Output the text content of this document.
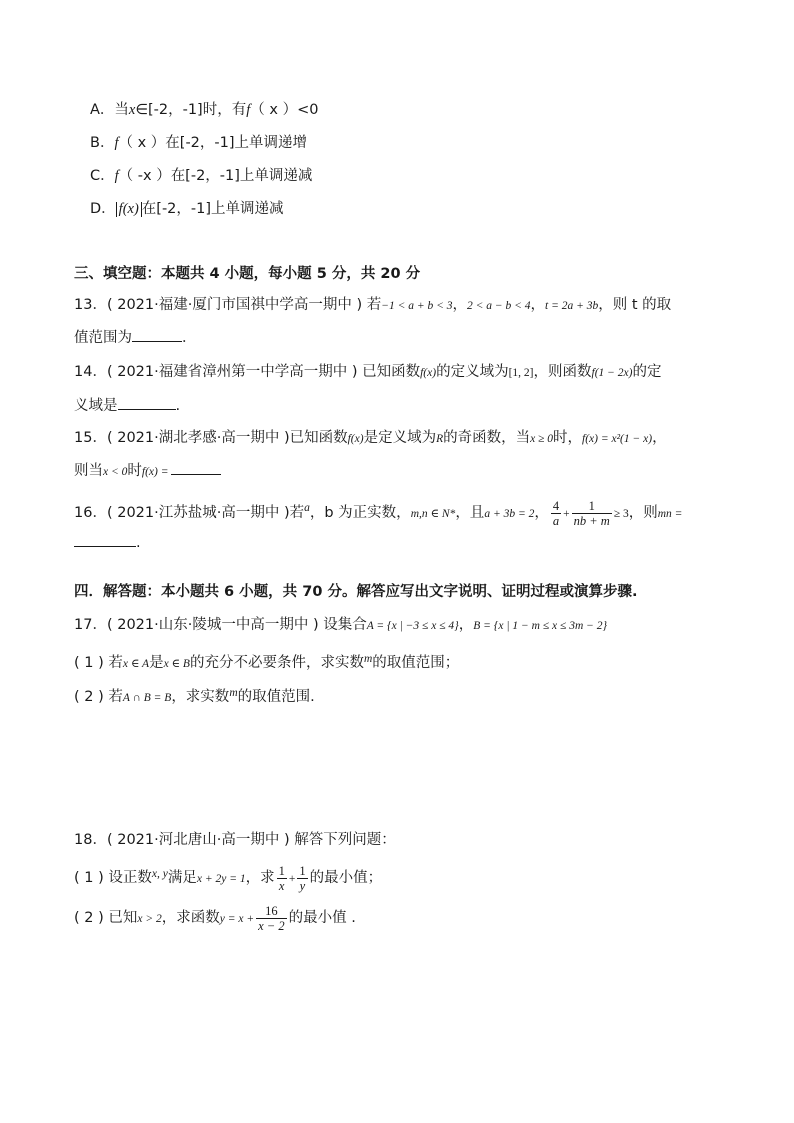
A．当x∈[-2，-1]时，有f（ x ）<0
B．f（ x ）在[-2，-1]上单调递增
C．f（ -x ）在[-2，-1]上单调递减
D． f(x) 在[-2，-1]上单调递减
三、填空题：本题共 4 小题，每小题 5 分，共 20 分
13．( 2021·福建·厦门市国祺中学高一期中 ) 若−1 < a + b < 3，2 < a − b < 4，t = 2a + 3b，则 t 的取
值范围为	．
14．( 2021·福建省漳州第一中学高一期中 ) 已知函数f(x)的定义域为[1, 2]，则函数f(1 − 2x)的定
义域是	.
15．( 2021·湖北孝感·高一期中 )已知函数f(x)是定义域为R的奇函数，当x ≥ 0时，f(x) = x²(1 − x)，
则当x < 0时f(x) =
16．( 2021·江苏盐城·高一期中 )若$^a$，b 为正实数，m,n ∈ N*，且a + 3b = 2， $\frac{4}{a} + \frac{1}{nb + m} \ge 3$，则mn =
.
四．解答题：本小题共 6 小题，共 70 分。解答应写出文字说明、证明过程或演算步骤.
17．( 2021·山东·陵城一中高一期中 ) 设集合A = {x | −3 ≤ x ≤ 4}，B = {x | 1 − m ≤ x ≤ 3m − 2}
( 1 ) 若x ∈ A是x ∈ B的充分不必要条件，求实数$^m$的取值范围；
( 2 ) 若A ∩ B = B，求实数$^m$的取值范围.
18．( 2021·河北唐山·高一期中 ) 解答下列问题：
( 1 ) 设正数$^{x, y}$满足x + 2y = 1，求 $\frac{1}{x} + \frac{1}{y}$ 的最小值；
( 2 ) 已知x > 2，求函数$y = x + \frac{16}{x - 2}$ 的最小值 .
